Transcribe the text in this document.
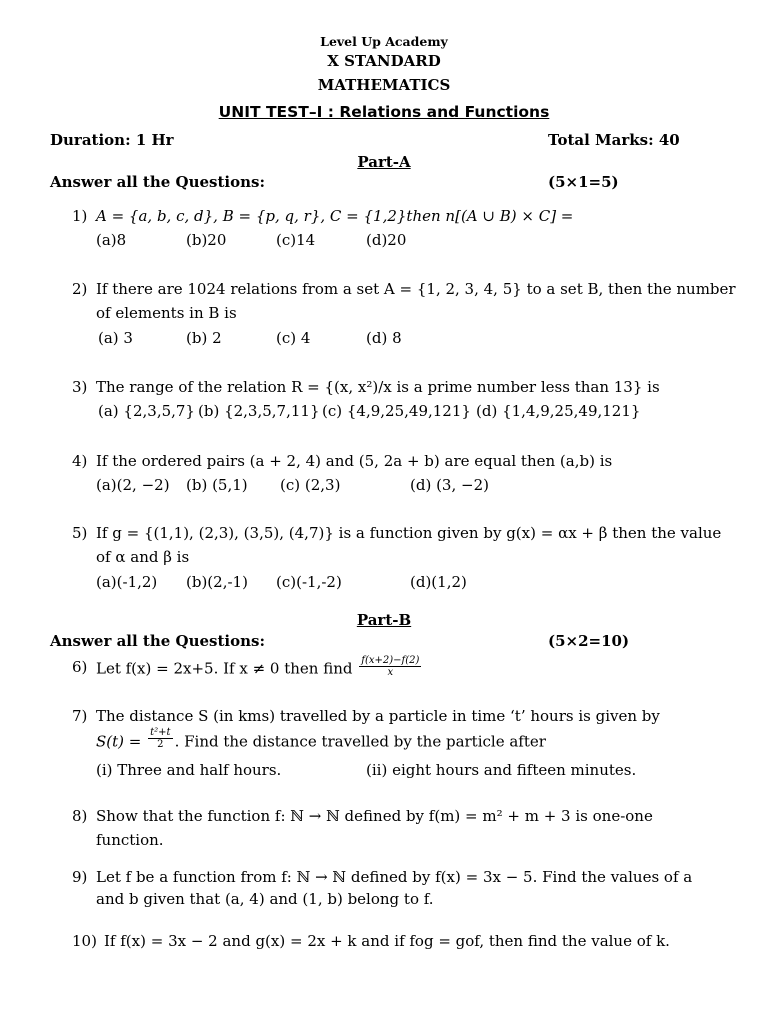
Level Up Academy
X STANDARD
MATHEMATICS
UNIT TEST–I : Relations and Functions
Duration: 1 Hr	Total Marks: 40
Part-A
Answer all the Questions:	(5×1=5)
1) A = {a, b, c, d}, B = {p, q, r}, C = {1,2}then n[(A ∪ B) × C] =
(a)8	(b)20	(c)14	(d)20
2) If there are 1024 relations from a set A = {1, 2, 3, 4, 5} to a set B, then the number
of elements in B is
(a) 3	(b) 2	(c) 4	(d) 8
3) The range of the relation R = {(x, x²)/x is a prime number less than 13} is
(a) {2,3,5,7} (b) {2,3,5,7,11} (c) {4,9,25,49,121} (d) {1,4,9,25,49,121}
4) If the ordered pairs (a + 2, 4) and (5, 2a + b) are equal then (a,b) is
(a)(2, −2) (b) (5,1) (c) (2,3)	(d) (3, −2)
5) If g = {(1,1), (2,3), (3,5), (4,7)} is a function given by g(x) = αx + β then the value
of α and β is
(a)(-1,2) (b)(2,-1) (c)(-1,-2)	(d)(1,2)
Part-B
Answer all the Questions:	(5×2=10)
6) Let f(x) = 2x+5. If x ≠ 0 then find $\frac{f(x+2)-f(2)}{x}$
7) The distance S (in kms) travelled by a particle in time ‘t’ hours is given by
$S(t) = \frac{\text{t²+t}}{2}$ . Find the distance travelled by the particle after
(i) Three and half hours.	(ii) eight hours and fifteen minutes.
8) Show that the function f: ℕ → ℕ defined by f(m) = m² + m + 3 is one-one
function.
9) Let f be a function from f: ℕ → ℕ defined by f(x) = 3x − 5. Find the values of a
and b given that (a, 4) and (1, b) belong to f.
10) If f(x) = 3x − 2 and g(x) = 2x + k and if fog = gof, then find the value of k.
